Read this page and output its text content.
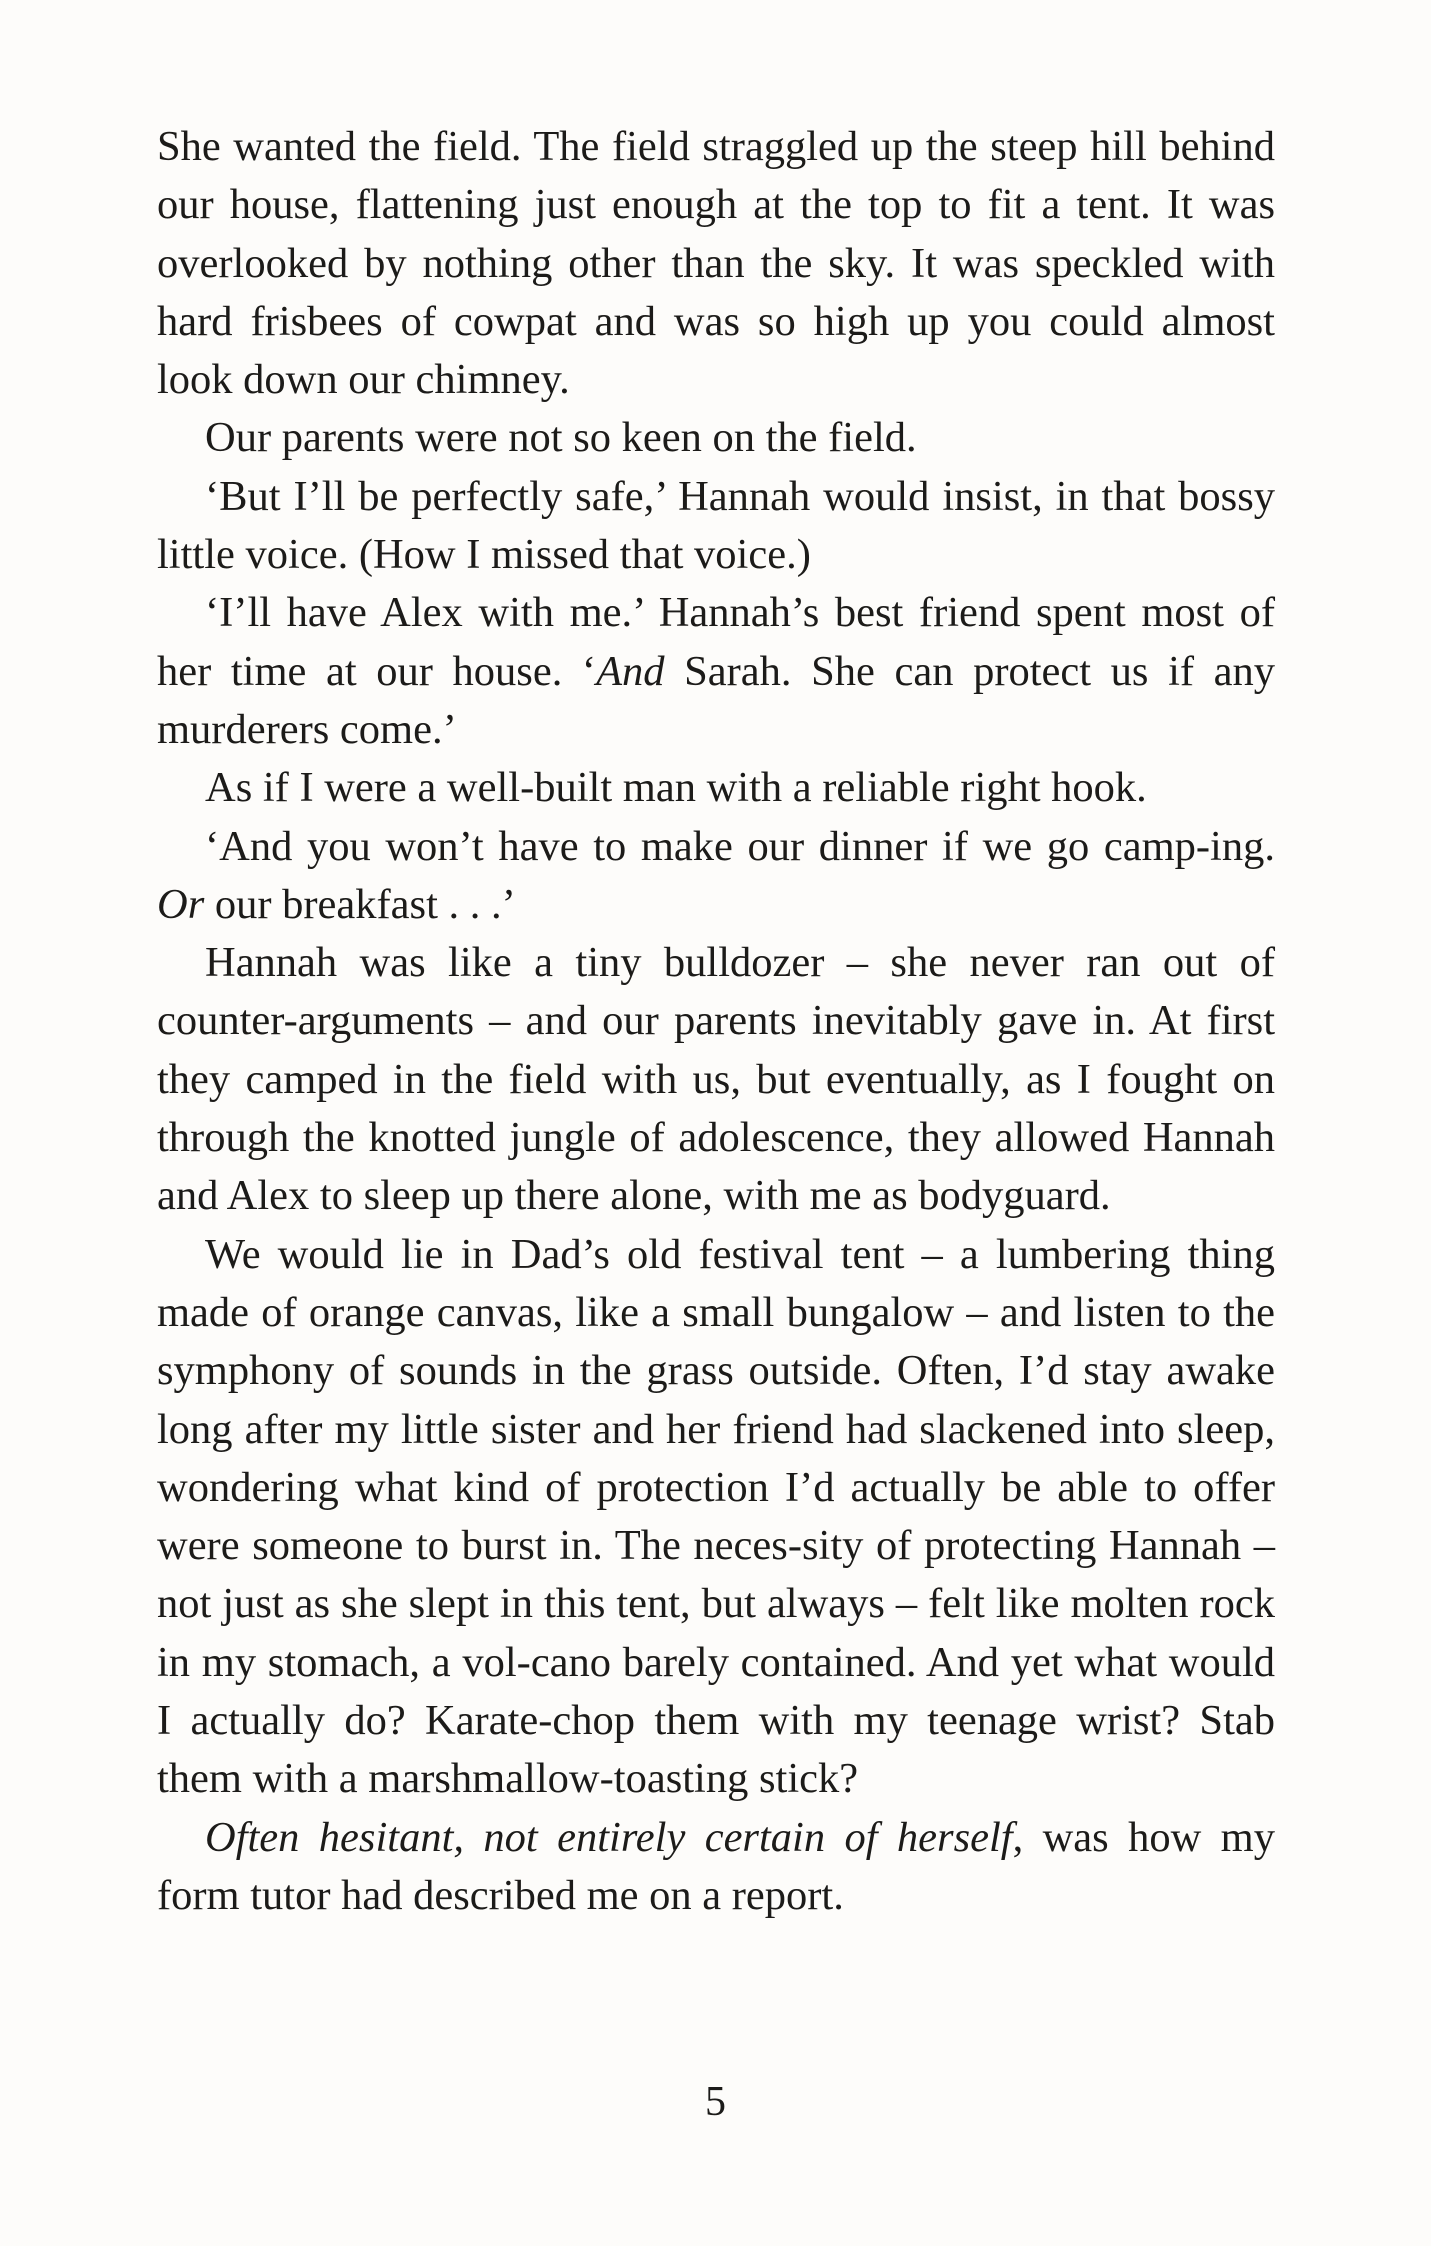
She wanted the field. The field straggled up the steep hill behind our house, flattening just enough at the top to fit a tent. It was overlooked by nothing other than the sky. It was speckled with hard frisbees of cowpat and was so high up you could almost look down our chimney.

Our parents were not so keen on the field.

‘But I’ll be perfectly safe,’ Hannah would insist, in that bossy little voice. (How I missed that voice.)

‘I’ll have Alex with me.’ Hannah’s best friend spent most of her time at our house. ‘And Sarah. She can protect us if any murderers come.’

As if I were a well-built man with a reliable right hook.

‘And you won’t have to make our dinner if we go camp-ing. Or our breakfast . . .’

Hannah was like a tiny bulldozer – she never ran out of counter-arguments – and our parents inevitably gave in. At first they camped in the field with us, but eventually, as I fought on through the knotted jungle of adolescence, they allowed Hannah and Alex to sleep up there alone, with me as bodyguard.

We would lie in Dad’s old festival tent – a lumbering thing made of orange canvas, like a small bungalow – and listen to the symphony of sounds in the grass outside. Often, I’d stay awake long after my little sister and her friend had slackened into sleep, wondering what kind of protection I’d actually be able to offer were someone to burst in. The neces-sity of protecting Hannah – not just as she slept in this tent, but always – felt like molten rock in my stomach, a vol-cano barely contained. And yet what would I actually do? Karate-chop them with my teenage wrist? Stab them with a marshmallow-toasting stick?

Often hesitant, not entirely certain of herself, was how my form tutor had described me on a report.

5
